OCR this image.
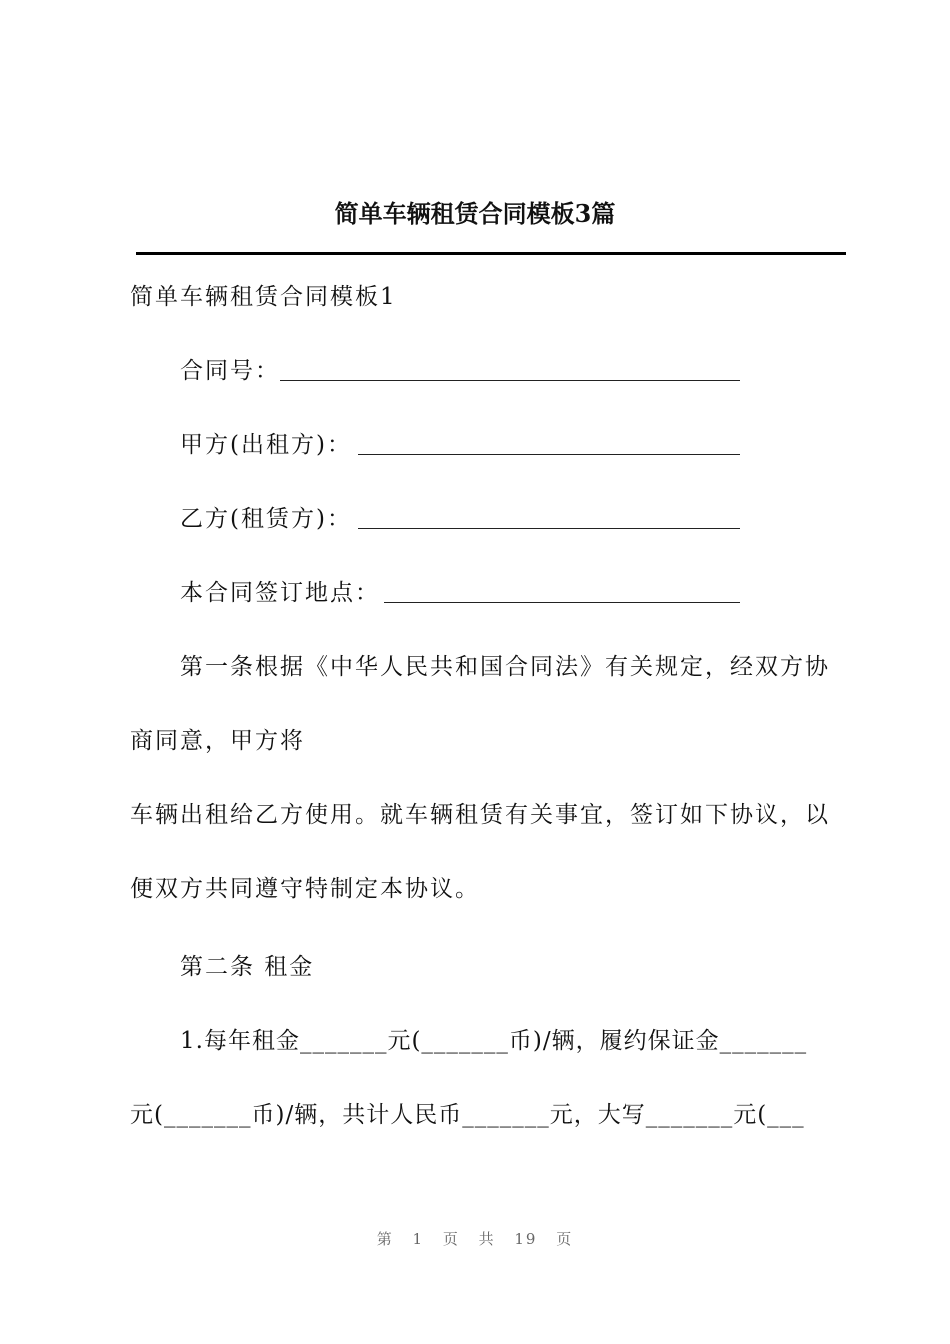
简单车辆租赁合同模板3篇
简单车辆租赁合同模板1
合同号：
甲方(出租方)：
乙方(租赁方)：
本合同签订地点：
第一条根据《中华人民共和国合同法》有关规定，经双方协
商同意，甲方将
车辆出租给乙方使用。就车辆租赁有关事宜，签订如下协议，以
便双方共同遵守特制定本协议。
第二条 租金
1.每年租金_______元(_______币)/辆，履约保证金_______
元(_______币)/辆，共计人民币_______元，大写_______元(___
第 1 页 共 19 页
